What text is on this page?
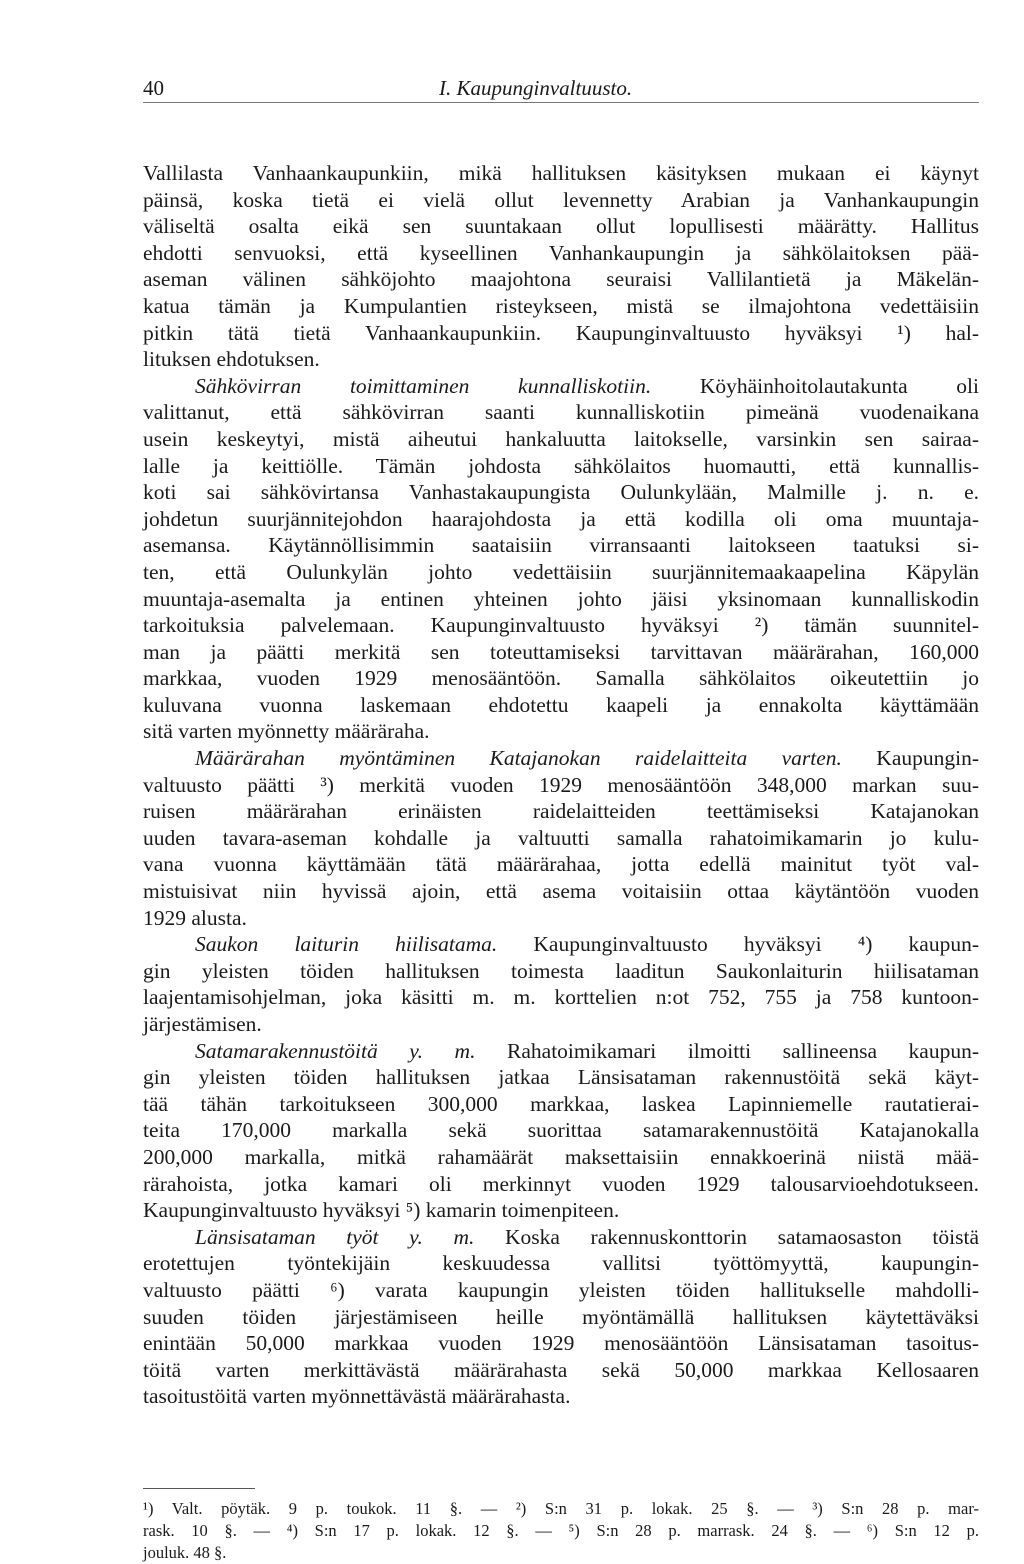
40	I. Kaupunginvaltuusto.
Vallilasta Vanhaankaupunkiin, mikä hallituksen käsityksen mukaan ei käynyt
päinsä, koska tietä ei vielä ollut levennetty Arabian ja Vanhankaupungin
väliseltä osalta eikä sen suuntakaan ollut lopullisesti määrätty. Hallitus
ehdotti senvuoksi, että kyseellinen Vanhankaupungin ja sähkölaitoksen pää-
aseman välinen sähköjohto maajohtona seuraisi Vallilantietä ja Mäkelän-
katua tämän ja Kumpulantien risteykseen, mistä se ilmajohtona vedettäisiin
pitkin tätä tietä Vanhaankaupunkiin. Kaupunginvaltuusto hyväksyi ¹) hal-
lituksen ehdotuksen.
Sähkövirran toimittaminen kunnalliskotiin. Köyhäinhoitolautakunta oli
valittanut, että sähkövirran saanti kunnalliskotiin pimeänä vuodenaikana
usein keskeytyi, mistä aiheutui hankaluutta laitokselle, varsinkin sen sairaa-
lalle ja keittiölle. Tämän johdosta sähkölaitos huomautti, että kunnallis-
koti sai sähkövirtansa Vanhastakaupungista Oulunkylään, Malmille j. n. e.
johdetun suurjännitejohdon haarajohdosta ja että kodilla oli oma muuntaja-
asemansa. Käytännöllisimmin saataisiin virransaanti laitokseen taatuksi si-
ten, että Oulunkylän johto vedettäisiin suurjännitemaakaapelina Käpylän
muuntaja-asemalta ja entinen yhteinen johto jäisi yksinomaan kunnalliskodin
tarkoituksia palvelemaan. Kaupunginvaltuusto hyväksyi ²) tämän suunnitel-
man ja päätti merkitä sen toteuttamiseksi tarvittavan määrärahan, 160,000
markkaa, vuoden 1929 menosääntöön. Samalla sähkölaitos oikeutettiin jo
kuluvana vuonna laskemaan ehdotettu kaapeli ja ennakolta käyttämään
sitä varten myönnetty määräraha.
Määrärahan myöntäminen Katajanokan raidelaitteita varten. Kaupungin-
valtuusto päätti ³) merkitä vuoden 1929 menosääntöön 348,000 markan suu-
ruisen määrärahan erinäisten raidelaitteiden teettämiseksi Katajanokan
uuden tavara-aseman kohdalle ja valtuutti samalla rahatoimikamarin jo kulu-
vana vuonna käyttämään tätä määrärahaa, jotta edellä mainitut työt val-
mistuisivat niin hyvissä ajoin, että asema voitaisiin ottaa käytäntöön vuoden
1929 alusta.
Saukon laiturin hiilisatama. Kaupunginvaltuusto hyväksyi ⁴) kaupun-
gin yleisten töiden hallituksen toimesta laaditun Saukonlaiturin hiilisataman
laajentamisohjelman, joka käsitti m. m. korttelien n:ot 752, 755 ja 758 kuntoon-
järjestämisen.
Satamarakennustöitä y. m. Rahatoimikamari ilmoitti sallineensa kaupun-
gin yleisten töiden hallituksen jatkaa Länsisataman rakennustöitä sekä käyt-
tää tähän tarkoitukseen 300,000 markkaa, laskea Lapinniemelle rautatierai-
teita 170,000 markalla sekä suorittaa satamarakennustöitä Katajanokalla
200,000 markalla, mitkä rahamäärät maksettaisiin ennakkoerinä niistä mää-
rärahoista, jotka kamari oli merkinnyt vuoden 1929 talousarvioehdotukseen.
Kaupunginvaltuusto hyväksyi ⁵) kamarin toimenpiteen.
Länsisataman työt y. m. Koska rakennuskonttorin satamaosaston töistä
erotettujen työntekijäin keskuudessa vallitsi työttömyyttä, kaupungin-
valtuusto päätti ⁶) varata kaupungin yleisten töiden hallitukselle mahdolli-
suuden töiden järjestämiseen heille myöntämällä hallituksen käytettäväksi
enintään 50,000 markkaa vuoden 1929 menosääntöön Länsisataman tasoitus-
töitä varten merkittävästä määrärahasta sekä 50,000 markkaa Kellosaaren
tasoitustöitä varten myönnettävästä määrärahasta.
¹) Valt. pöytäk. 9 p. toukok. 11 §. — ²) S:n 31 p. lokak. 25 §. — ³) S:n 28 p. mar-
rask. 10 §. — ⁴) S:n 17 p. lokak. 12 §. — ⁵) S:n 28 p. marrask. 24 §. — ⁶) S:n 12 p.
jouluk. 48 §.
